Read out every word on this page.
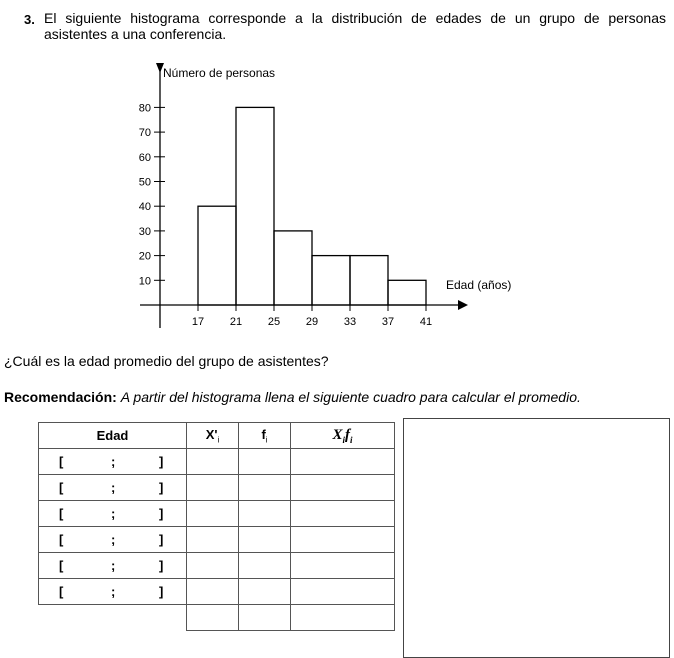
3. El siguiente histograma corresponde a la distribución de edades de un grupo de personas asistentes a una conferencia.
10
20
30
40
50
60
70
80
17 21 25 29 33 37 41
Número de personas
Edad (años)
¿Cuál es la edad promedio del grupo de asistentes?
Recomendación: A partir del histograma llena el siguiente cuadro para calcular el promedio.
Edad	$X'_i$	$f_i$	$X_if_i$

[ ; ]			

[ ; ]			

[ ; ]			

[ ; ]			

[ ; ]			

[ ; ]			
